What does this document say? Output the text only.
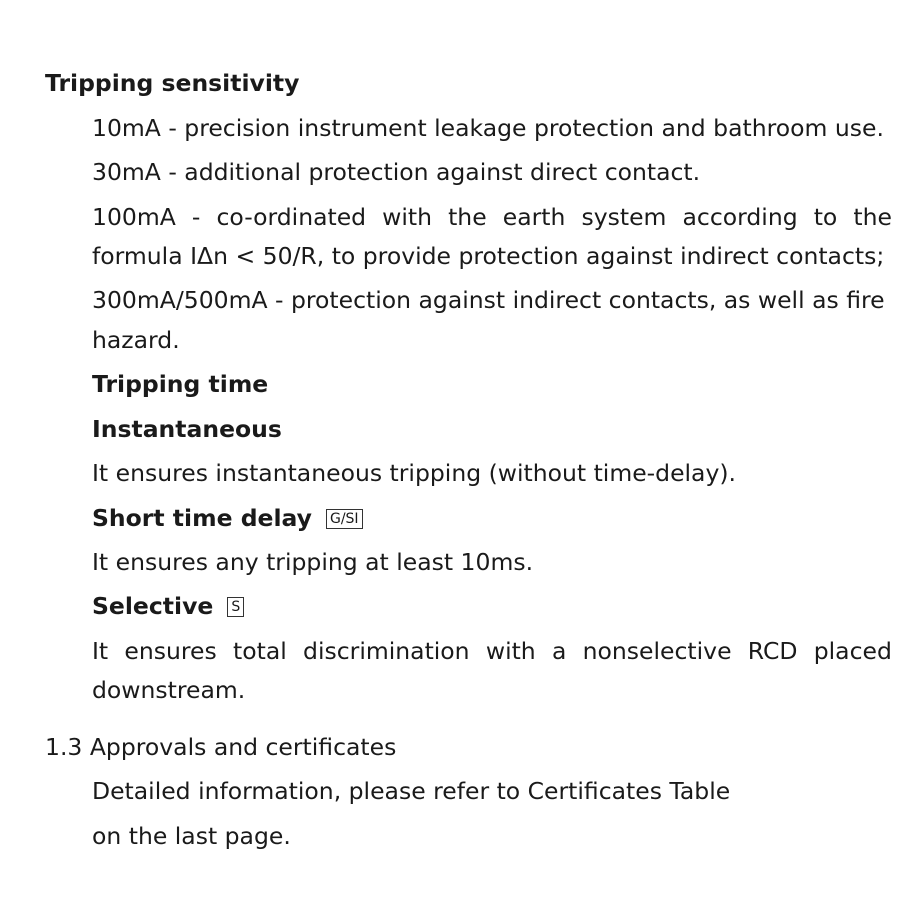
Tripping sensitivity
10mA - precision instrument leakage protection and bathroom use.
30mA - additional protection against direct contact.
100mA - co-ordinated with the earth system according to the
formula IΔn < 50/R, to provide protection against indirect contacts;
300mA/500mA - protection against indirect contacts, as well as fire
hazard.
Tripping time
Instantaneous
It ensures instantaneous tripping (without time-delay).
Short time delay G/SI
It ensures any tripping at least 10ms.
Selective S
It ensures total discrimination with a nonselective RCD placed
downstream.
1.3 Approvals and certificates
Detailed information, please refer to Certificates Table
on the last page.
